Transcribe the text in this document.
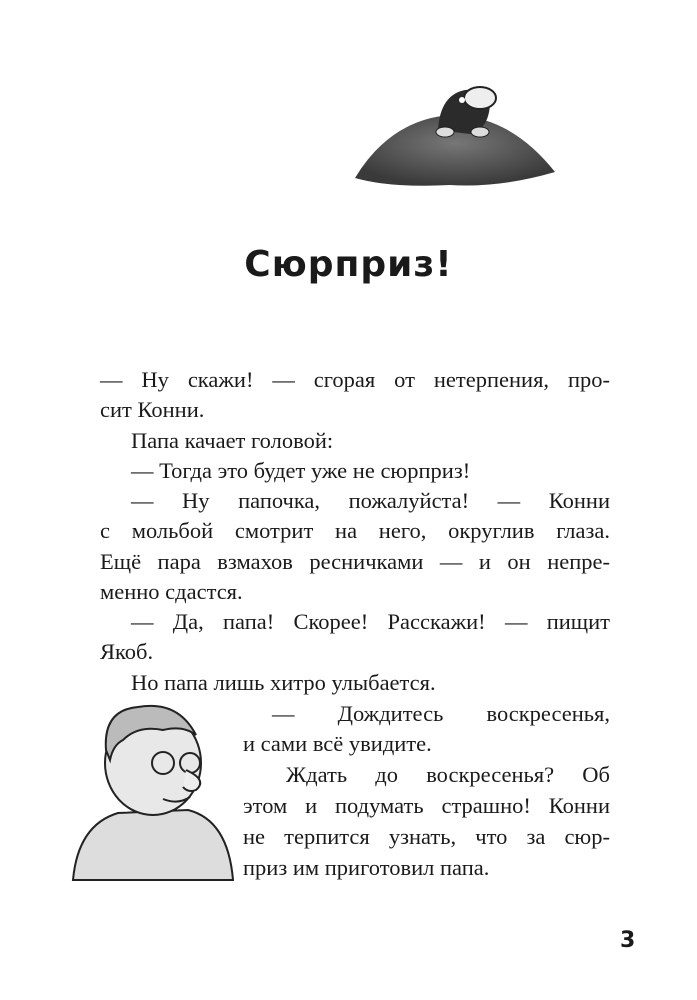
Сюрприз!
— Ну скажи! — сгорая от нетерпения, про-
сит Конни.
Папа качает головой:
— Тогда это будет уже не сюрприз!
— Ну папочка, пожалуйста! — Конни
с мольбой смотрит на него, округлив глаза.
Ещё пара взмахов ресничками — и он непре-
менно сдастся.
— Да, папа! Скорее! Расскажи! — пищит
Якоб.
Но папа лишь хитро улыбается.
— Дождитесь воскресенья,
и сами всё увидите.
Ждать до воскресенья? Об
этом и подумать страшно! Конни
не терпится узнать, что за сюр-
приз им приготовил папа.
3
